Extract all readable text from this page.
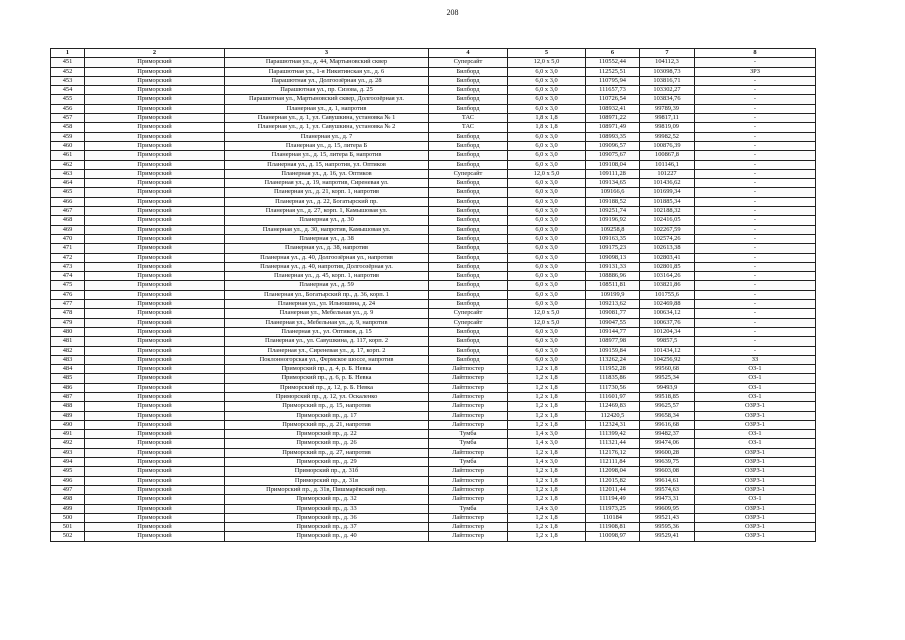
208
1	2	3	4	5	6	7	8
451	Приморский	Парашютная ул., д. 44, Мартыновский сквер	Суперсайт	12,0 x 5,0	110552,44	104112,3	-
452	Приморский	Парашютная ул., 1-я Никитинская ул., д. 6	Билборд	6,0 x 3,0	112525,51	103098,73	ЗРЗ
453	Приморский	Парашютная ул., Долгоозёрная ул., д. 28	Билборд	6,0 x 3,0	110795,94	103816,71	-
454	Приморский	Парашютная ул., пр. Сизова, д. 25	Билборд	6,0 x 3,0	111657,73	103302,27	-
455	Приморский	Парашютная ул., Мартыновский сквер, Долгоозёрная ул.	Билборд	6,0 x 3,0	110726,54	103834,76	-
456	Приморский	Планерная ул., д. 1, напротив	Билборд	6,0 x 3,0	108932,41	99789,39	-
457	Приморский	Планерная ул., д. 1, ул. Савушкина, установка № 1	ТАС	1,8 x 1,8	108971,22	99817,11	-
458	Приморский	Планерная ул., д. 1, ул. Савушкина, установка № 2	ТАС	1,8 x 1,8	108971,49	99819,09	-
459	Приморский	Планерная ул., д. 7	Билборд	6,0 x 3,0	108993,35	99982,52	-
460	Приморский	Планерная ул., д. 15, литера Б	Билборд	6,0 x 3,0	109096,57	100876,39	-
461	Приморский	Планерная ул., д. 15, литера Б, напротив	Билборд	6,0 x 3,0	109075,67	100867,8	-
462	Приморский	Планерная ул., д. 15, напротив, ул. Оптиков	Билборд	6,0 x 3,0	109108,04	101146,1	-
463	Приморский	Планерная ул., д. 16, ул. Оптиков	Суперсайт	12,0 x 5,0	109111,28	101227	-
464	Приморский	Планерная ул., д. 19, напротив, Сиреневая ул.	Билборд	6,0 x 3,0	109134,65	101436,62	-
465	Приморский	Планерная ул., д. 21, корп. 1, напротив	Билборд	6,0 x 3,0	109166,6	101699,34	-
466	Приморский	Планерная ул., д. 22, Богатырский пр.	Билборд	6,0 x 3,0	109188,52	101885,34	-
467	Приморский	Планерная ул., д. 27, корп. 1, Камышовая ул.	Билборд	6,0 x 3,0	109251,74	102188,32	-
468	Приморский	Планерная ул., д. 30	Билборд	6,0 x 3,0	109196,92	102416,05	-
469	Приморский	Планерная ул., д. 30, напротив, Камышовая ул.	Билборд	6,0 x 3,0	109258,8	102267,59	-
470	Приморский	Планерная ул., д. 38	Билборд	6,0 x 3,0	109163,35	102574,26	-
471	Приморский	Планерная ул., д. 38, напротив	Билборд	6,0 x 3,0	109175,23	102613,38	-
472	Приморский	Планерная ул., д. 40, Долгоозёрная ул., напротив	Билборд	6,0 x 3,0	109098,13	102803,41	-
473	Приморский	Планерная ул., д. 40, напротив, Долгоозёрная ул.	Билборд	6,0 x 3,0	109131,33	102801,85	-
474	Приморский	Планерная ул., д. 45, корп. 1, напротив	Билборд	6,0 x 3,0	108886,96	103164,26	-
475	Приморский	Планерная ул., д. 59	Билборд	6,0 x 3,0	108511,81	103821,86	-
476	Приморский	Планерная ул., Богатырский пр., д. 36, корп. 1	Билборд	6,0 x 3,0	109199,9	101755,6	-
477	Приморский	Планерная ул., ул. Ильюшина, д. 24	Билборд	6,0 x 3,0	109213,62	102469,88	-
478	Приморский	Планерная ул., Мебельная ул., д. 9	Суперсайт	12,0 x 5,0	109081,77	100634,12	-
479	Приморский	Планерная ул., Мебельная ул., д. 9, напротив	Суперсайт	12,0 x 5,0	109047,55	100637,76	-
480	Приморский	Планерная ул., ул. Оптиков, д. 15	Билборд	6,0 x 3,0	109144,77	101204,34	-
481	Приморский	Планерная ул., ул. Савушкина, д. 117, корп. 2	Билборд	6,0 x 3,0	108977,98	99857,5	-
482	Приморский	Планерная ул., Сиреневая ул., д. 17, корп. 2	Билборд	6,0 x 3,0	109159,84	101434,12	-
483	Приморский	Поклонногорская ул., Фермское шоссе, напротив	Билборд	6,0 x 3,0	113262,24	104256,92	ЗЗ
484	Приморский	Приморский пр., д. 4, р. Б. Невка	Лайтпостер	1,2 x 1,8	111952,28	99560,68	ОЗ-1
485	Приморский	Приморский пр., д. 6, р. Б. Невка	Лайтпостер	1,2 x 1,8	111835,86	99525,34	ОЗ-1
486	Приморский	Приморский пр., д. 12, р. Б. Невка	Лайтпостер	1,2 x 1,8	111730,56	99493,9	ОЗ-1
487	Приморский	Приморский пр., д. 12, ул. Оскаленко	Лайтпостер	1,2 x 1,8	111601,97	99518,85	ОЗ-1
488	Приморский	Приморский пр., д. 15, напротив	Лайтпостер	1,2 x 1,8	112469,83	99625,57	ОЗРЗ-1
489	Приморский	Приморский пр., д. 17	Лайтпостер	1,2 x 1,8	112420,5	99658,34	ОЗРЗ-1
490	Приморский	Приморский пр., д. 21, напротив	Лайтпостер	1,2 x 1,8	112324,31	99616,68	ОЗРЗ-1
491	Приморский	Приморский пр., д. 22	Тумба	1,4 x 3,0	111399,42	99482,37	ОЗ-1
492	Приморский	Приморский пр., д. 26	Тумба	1,4 x 3,0	111321,44	99474,06	ОЗ-1
493	Приморский	Приморский пр., д. 27, напротив	Лайтпостер	1,2 x 1,8	112176,12	99600,28	ОЗРЗ-1
494	Приморский	Приморский пр., д. 29	Тумба	1,4 x 3,0	112111,84	99639,75	ОЗРЗ-1
495	Приморский	Приморский пр., д. 31б	Лайтпостер	1,2 x 1,8	112098,04	99603,08	ОЗРЗ-1
496	Приморский	Приморский пр., д. 31в	Лайтпостер	1,2 x 1,8	112015,82	99614,61	ОЗРЗ-1
497	Приморский	Приморский пр., д. 31в, Пишмарёвский пер.	Лайтпостер	1,2 x 1,8	112011,44	99574,63	ОЗРЗ-1
498	Приморский	Приморский пр., д. 32	Лайтпостер	1,2 x 1,8	111194,49	99473,31	ОЗ-1
499	Приморский	Приморский пр., д. 33	Тумба	1,4 x 3,0	111973,25	99609,95	ОЗРЗ-1
500	Приморский	Приморский пр., д. 36	Лайтпостер	1,2 x 1,8	110184	99521,43	ОЗРЗ-1
501	Приморский	Приморский пр., д. 37	Лайтпостер	1,2 x 1,8	111908,81	99595,36	ОЗРЗ-1
502	Приморский	Приморский пр., д. 40	Лайтпостер	1,2 x 1,8	110098,97	99529,41	ОЗРЗ-1
